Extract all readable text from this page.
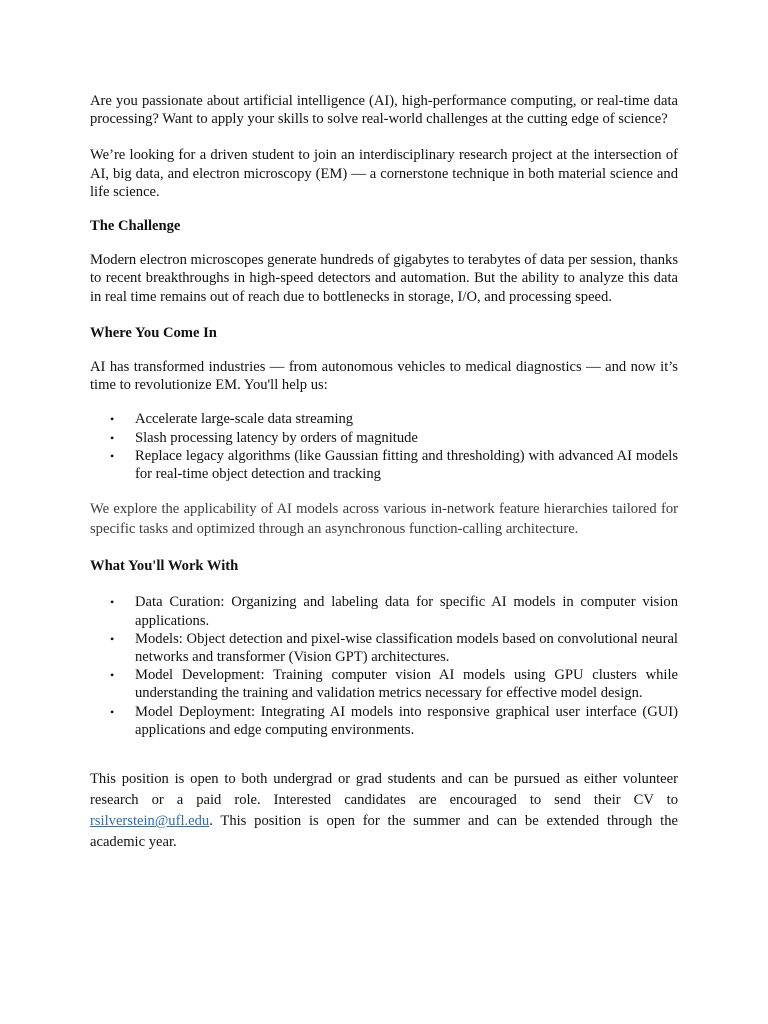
Are you passionate about artificial intelligence (AI), high-performance computing, or real-time data processing? Want to apply your skills to solve real-world challenges at the cutting edge of science?

We’re looking for a driven student to join an interdisciplinary research project at the intersection of AI, big data, and electron microscopy (EM) — a cornerstone technique in both material science and life science.

The Challenge

Modern electron microscopes generate hundreds of gigabytes to terabytes of data per session, thanks to recent breakthroughs in high-speed detectors and automation. But the ability to analyze this data in real time remains out of reach due to bottlenecks in storage, I/O, and processing speed.

Where You Come In

AI has transformed industries — from autonomous vehicles to medical diagnostics — and now it’s time to revolutionize EM. You'll help us:

• Accelerate large-scale data streaming
• Slash processing latency by orders of magnitude
• Replace legacy algorithms (like Gaussian fitting and thresholding) with advanced AI models for real-time object detection and tracking

We explore the applicability of AI models across various in-network feature hierarchies tailored for specific tasks and optimized through an asynchronous function-calling architecture.

What You'll Work With

• Data Curation: Organizing and labeling data for specific AI models in computer vision applications.
• Models: Object detection and pixel-wise classification models based on convolutional neural networks and transformer (Vision GPT) architectures.
• Model Development: Training computer vision AI models using GPU clusters while understanding the training and validation metrics necessary for effective model design.
• Model Deployment: Integrating AI models into responsive graphical user interface (GUI) applications and edge computing environments.

This position is open to both undergrad or grad students and can be pursued as either volunteer research or a paid role. Interested candidates are encouraged to send their CV to rsilverstein@ufl.edu. This position is open for the summer and can be extended through the academic year.
